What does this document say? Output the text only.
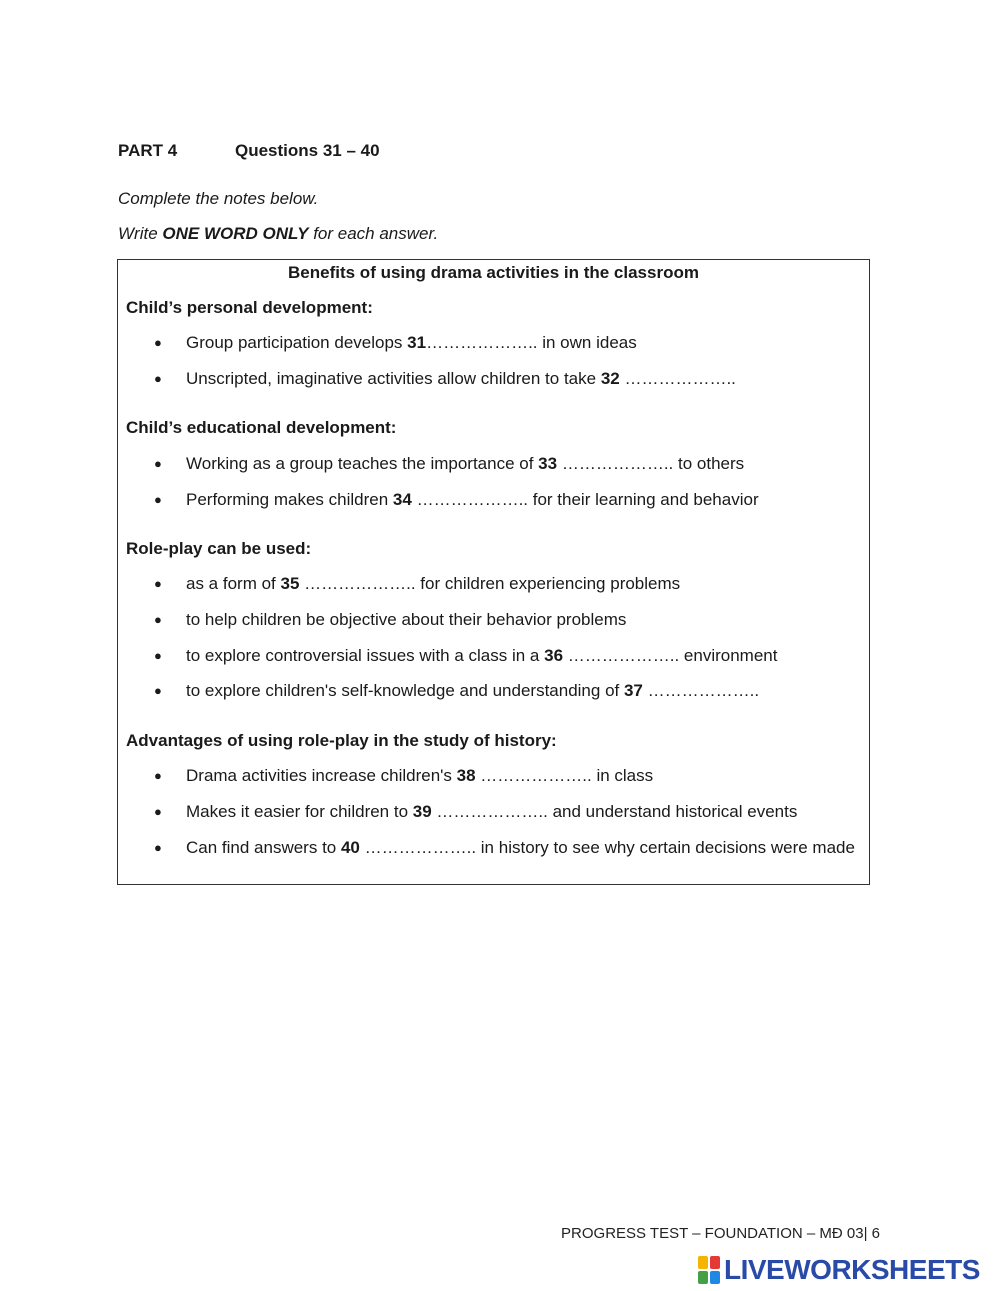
PART 4	Questions 31 – 40
Complete the notes below.
Write ONE WORD ONLY for each answer.
Benefits of using drama activities in the classroom
Child’s personal development:
● Group participation develops 31……………….. in own ideas
● Unscripted, imaginative activities allow children to take 32 ………………..
Child’s educational development:
● Working as a group teaches the importance of 33 ……………….. to others
● Performing makes children 34 ……………….. for their learning and behavior
Role-play can be used:
● as a form of 35 ……………….. for children experiencing problems
● to help children be objective about their behavior problems
● to explore controversial issues with a class in a 36 ……………….. environment
● to explore children's self-knowledge and understanding of 37 ………………..
Advantages of using role-play in the study of history:
● Drama activities increase children's 38 ……………….. in class
● Makes it easier for children to 39 ……………….. and understand historical events
● Can find answers to 40 ……………….. in history to see why certain decisions were made
PROGRESS TEST – FOUNDATION – MĐ 03| 6
LIVEWORKSHEETS
